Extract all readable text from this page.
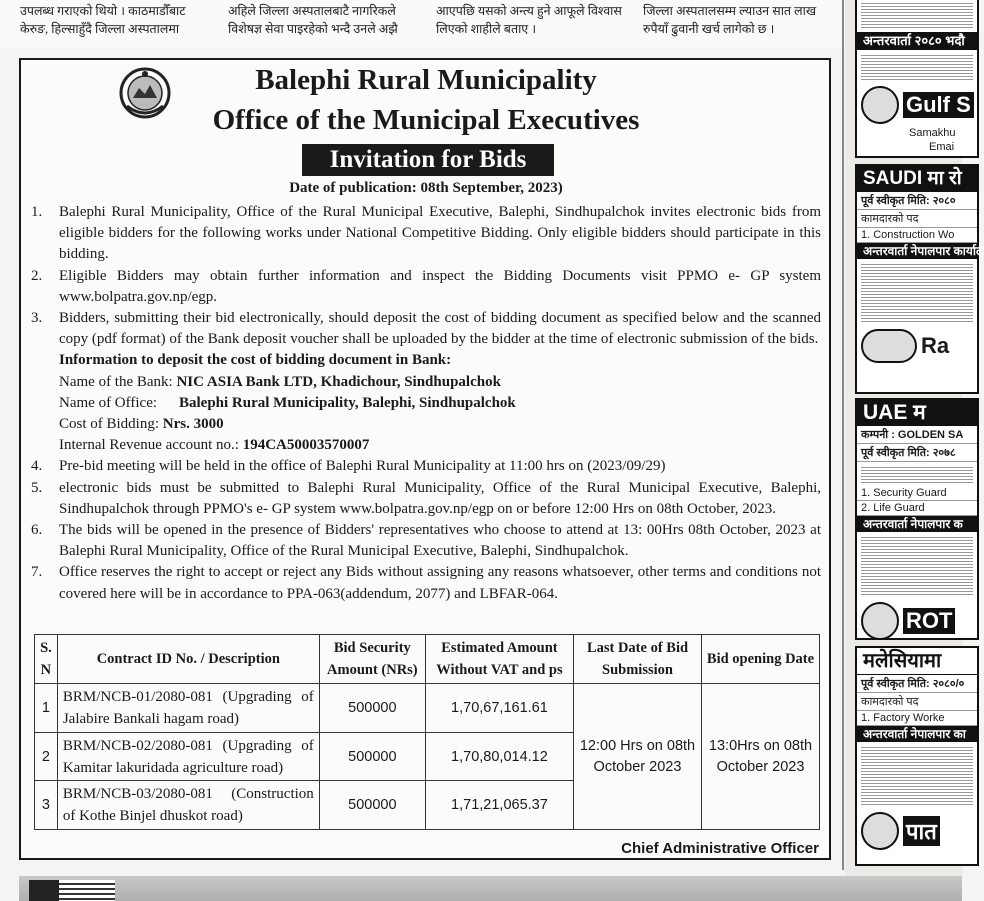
उपलब्ध गराएको थियो । काठमाडौँबाट केरुङ, हिल्साहुँदै जिल्ला अस्पतालमा
अहिले जिल्ला अस्पतालबाटै नागरिकले विशेषज्ञ सेवा पाइरहेको भन्दै उनले अझै
आएपछि यसको अन्त्य हुने आफूले विश्वास लिएको शाहीले बताए ।
जिल्ला अस्पतालसम्म ल्याउन सात लाख रुपैयाँ ढुवानी खर्च लागेको छ ।
Balephi Rural Municipality
Office of the Municipal Executives
Invitation for Bids
Date of publication: 08th September, 2023)
1.	Balephi Rural Municipality, Office of the Rural Municipal Executive, Balephi, Sindhupalchok invites electronic bids from eligible bidders for the following works under National Competitive Bidding. Only eligible bidders should participate in this bidding.
2.	Eligible Bidders may obtain further information and inspect the Bidding Documents visit PPMO e- GP system www.bolpatra.gov.np/egp.
3.	Bidders, submitting their bid electronically, should deposit the cost of bidding document as specified below and the scanned copy (pdf format) of the Bank deposit voucher shall be uploaded by the bidder at the time of electronic submission of the bids.
Information to deposit the cost of bidding document in Bank:
Name of the Bank: NIC ASIA Bank LTD, Khadichour, Sindhupalchok
Name of Office: Balephi Rural Municipality, Balephi, Sindhupalchok
Cost of Bidding: Nrs. 3000
Internal Revenue account no.: 194CA50003570007
4.	Pre-bid meeting will be held in the office of Balephi Rural Municipality at 11:00 hrs on (2023/09/29)
5.	electronic bids must be submitted to Balephi Rural Municipality, Office of the Rural Municipal Executive, Balephi, Sindhupalchok through PPMO's e- GP system www.bolpatra.gov.np/egp on or before 12:00 Hrs on 08th October, 2023.
6.	The bids will be opened in the presence of Bidders' representatives who choose to attend at 13: 00Hrs 08th October, 2023 at Balephi Rural Municipality, Office of the Rural Municipal Executive, Balephi, Sindhupalchok.
7.	Office reserves the right to accept or reject any Bids without assigning any reasons whatsoever, other terms and conditions not covered here will be in accordance to PPA-063(addendum, 2077) and LBFAR-064.
S. N	Contract ID No. / Description	Bid Security Amount (NRs)	Estimated Amount Without VAT and ps	Last Date of Bid Submission	Bid opening Date
1	BRM/NCB-01/2080-081 (Upgrading of Jalabire Bankali hagam road)	500000	1,70,67,161.61	12:00 Hrs on 08th October 2023	13:0Hrs on 08th October 2023
2	BRM/NCB-02/2080-081 (Upgrading of Kamitar lakuridada agriculture road)	500000	1,70,80,014.12		
3	BRM/NCB-03/2080-081 (Construction of Kothe Binjel dhuskot road)	500000	1,71,21,065.37		
Chief Administrative Officer
अन्तरवार्ता २०८० भदौ
Gulf S
Samakhu
Emai
SAUDI मा रो
पूर्व स्वीकृत मिति: २०८०
कामदारको पद
1. Construction Wo
अन्तरवार्ता नेपालपार कार्याल
Ra
UAE म
कम्पनी : GOLDEN SA
पूर्व स्वीकृत मिति: २०७८
1. Security Guard
2. Life Guard
अन्तरवार्ता नेपालपार क
ROT
मलेसियामा
पूर्व स्वीकृत मिति: २०८०/०
कामदारको पद
1. Factory Worke
अन्तरवार्ता नेपालपार का
पात
